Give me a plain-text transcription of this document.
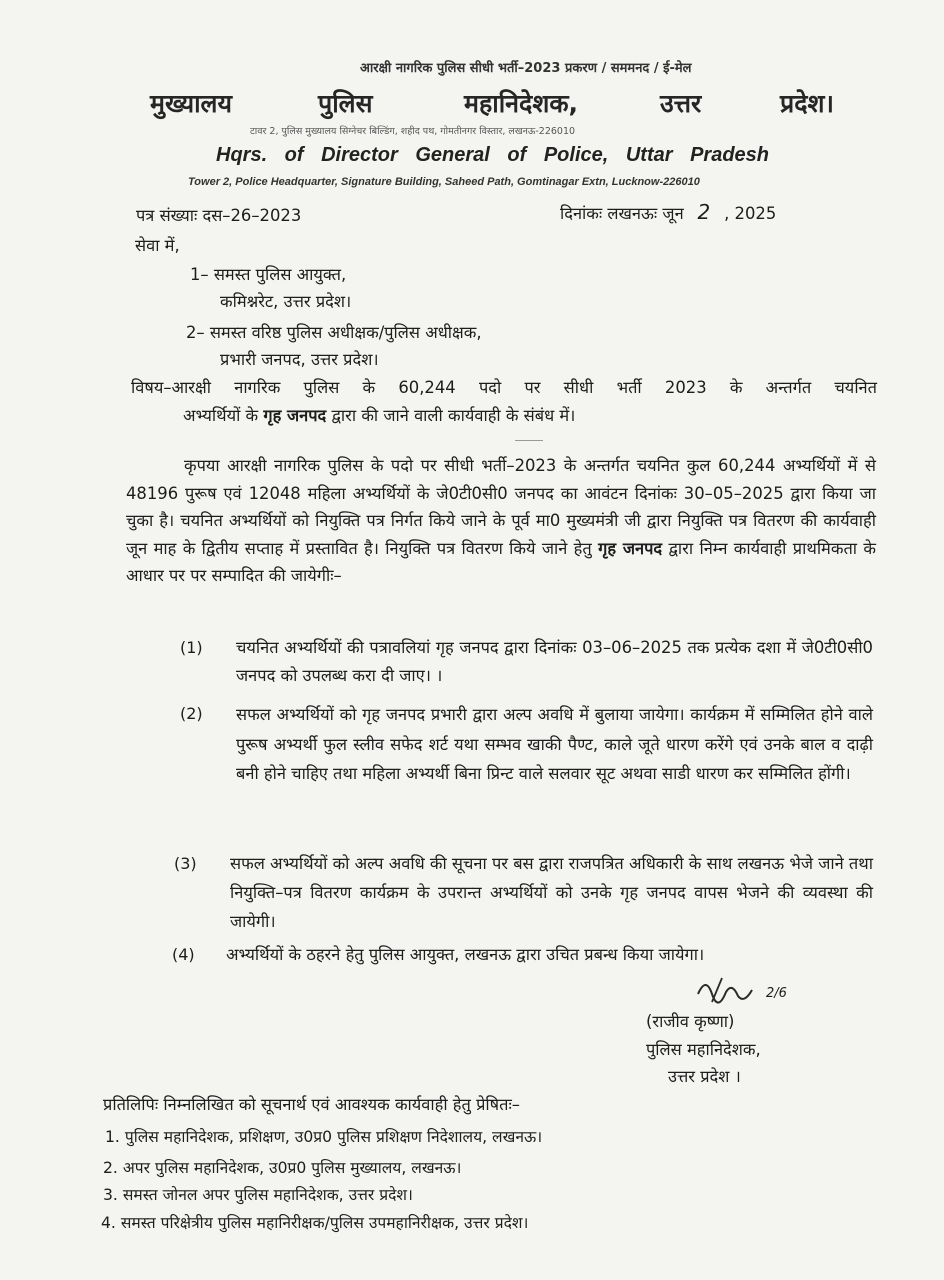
आरक्षी नागरिक पुलिस सीधी भर्ती–2023 प्रकरण / सममनद / ई-मेल
मुख्यालय	पुलिस	महानिदेशक,	उत्तर	प्रदेश।
टावर 2, पुलिस मुख्यालय सिग्नेचर बिल्डिंग, शहीद पथ, गोमतीनगर विस्तार, लखनऊ-226010
Hqrs. of Director General of Police, Uttar Pradesh
Tower 2, Police Headquarter, Signature Building, Saheed Path, Gomtinagar Extn, Lucknow-226010
पत्र संख्याः दस–26–2023	दिनांकः लखनऊः जून 2 , 2025
सेवा में,
1– समस्त पुलिस आयुक्त,
कमिश्नरेट, उत्तर प्रदेश।
2– समस्त वरिष्ठ पुलिस अधीक्षक/पुलिस अधीक्षक,
प्रभारी जनपद, उत्तर प्रदेश।
विषय–आरक्षी नागरिक पुलिस के 60,244 पदो पर सीधी भर्ती 2023 के अन्तर्गत चयनित
अभ्यर्थियों के गृह जनपद द्वारा की जाने वाली कार्यवाही के संबंध में।
कृपया आरक्षी नागरिक पुलिस के पदो पर सीधी भर्ती–2023 के अन्तर्गत चयनित कुल 60,244 अभ्यर्थियों में से 48196 पुरूष एवं 12048 महिला अभ्यर्थियों के जे0टी0सी0 जनपद का आवंटन दिनांकः 30–05–2025 द्वारा किया जा चुका है। चयनित अभ्यर्थियों को नियुक्ति पत्र निर्गत किये जाने के पूर्व मा0 मुख्यमंत्री जी द्वारा नियुक्ति पत्र वितरण की कार्यवाही जून माह के द्वितीय सप्ताह में प्रस्तावित है। नियुक्ति पत्र वितरण किये जाने हेतु गृह जनपद द्वारा निम्न कार्यवाही प्राथमिकता के आधार पर पर सम्पादित की जायेगीः–
(1) चयनित अभ्यर्थियों की पत्रावलियां गृह जनपद द्वारा दिनांकः 03–06–2025 तक प्रत्येक दशा में जे0टी0सी0 जनपद को उपलब्ध करा दी जाए। ।
(2) सफल अभ्यर्थियों को गृह जनपद प्रभारी द्वारा अल्प अवधि में बुलाया जायेगा। कार्यक्रम में सम्मिलित होने वाले पुरूष अभ्यर्थी फुल स्लीव सफेद शर्ट यथा सम्भव खाकी पैण्ट, काले जूते धारण करेंगे एवं उनके बाल व दाढ़ी बनी होने चाहिए तथा महिला अभ्यर्थी बिना प्रिन्ट वाले सलवार सूट अथवा साडी धारण कर सम्मिलित होंगी।
(3) सफल अभ्यर्थियों को अल्प अवधि की सूचना पर बस द्वारा राजपत्रित अधिकारी के साथ लखनऊ भेजे जाने तथा नियुक्ति–पत्र वितरण कार्यक्रम के उपरान्त अभ्यर्थियों को उनके गृह जनपद वापस भेजने की व्यवस्था की जायेगी।
(4) अभ्यर्थियों के ठहरने हेतु पुलिस आयुक्त, लखनऊ द्वारा उचित प्रबन्ध किया जायेगा।
2/6
(राजीव कृष्णा)
पुलिस महानिदेशक,
उत्तर प्रदेश ।
प्रतिलिपिः निम्नलिखित को सूचनार्थ एवं आवश्यक कार्यवाही हेतु प्रेषितः–
1. पुलिस महानिदेशक, प्रशिक्षण, उ0प्र0 पुलिस प्रशिक्षण निदेशालय, लखनऊ।
2. अपर पुलिस महानिदेशक, उ0प्र0 पुलिस मुख्यालय, लखनऊ।
3. समस्त जोनल अपर पुलिस महानिदेशक, उत्तर प्रदेश।
4. समस्त परिक्षेत्रीय पुलिस महानिरीक्षक/पुलिस उपमहानिरीक्षक, उत्तर प्रदेश।
